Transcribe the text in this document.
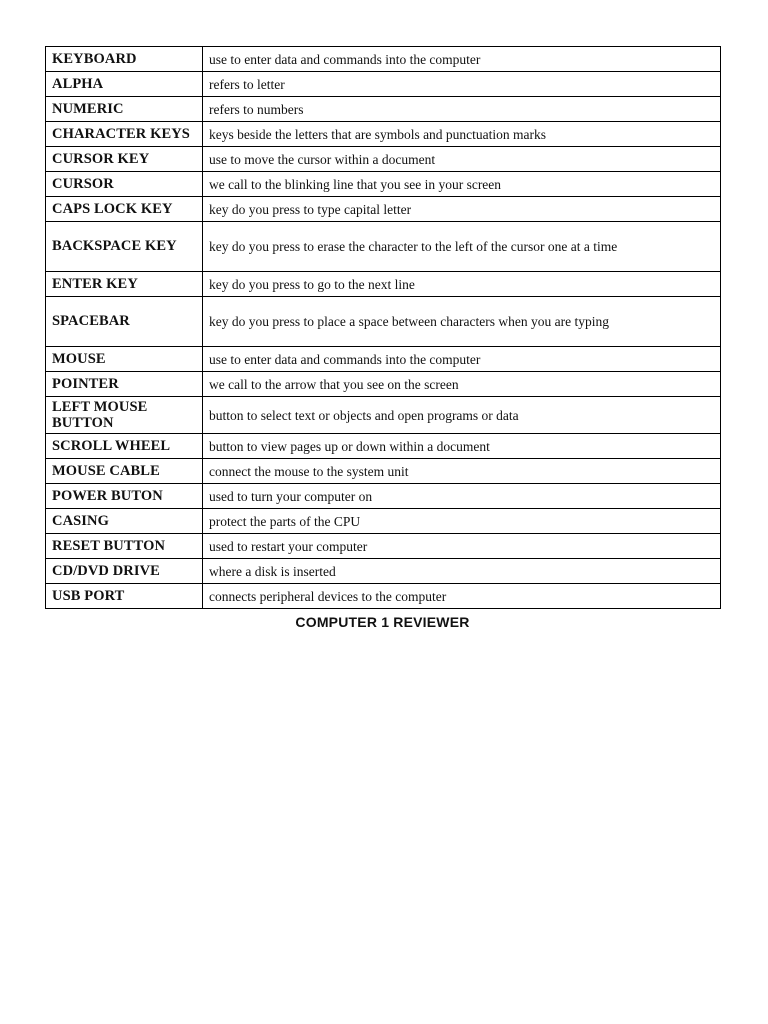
KEYBOARD	use to enter data and commands into the computer
ALPHA	refers to letter
NUMERIC	refers to numbers
CHARACTER KEYS	keys beside the letters that are symbols and punctuation marks
CURSOR KEY	use to move the cursor within a document
CURSOR	we call to the blinking line that you see in your screen
CAPS LOCK KEY	key do you press to type capital letter
BACKSPACE KEY	key do you press to erase the character to the left of the cursor one at a time
ENTER KEY	key do you press to go to the next line
SPACEBAR	key do you press to place a space between characters when you are typing
MOUSE	use to enter data and commands into the computer
POINTER	we call to the arrow that you see on the screen
LEFT MOUSE BUTTON	button to select text or objects and open programs or data
SCROLL WHEEL	button to view pages up or down within a document
MOUSE CABLE	connect the mouse to the system unit
POWER BUTON	used to turn your computer on
CASING	protect the parts of the CPU
RESET BUTTON	used to restart your computer
CD/DVD DRIVE	where a disk is inserted
USB PORT	connects peripheral devices to the computer
COMPUTER 1 REVIEWER
